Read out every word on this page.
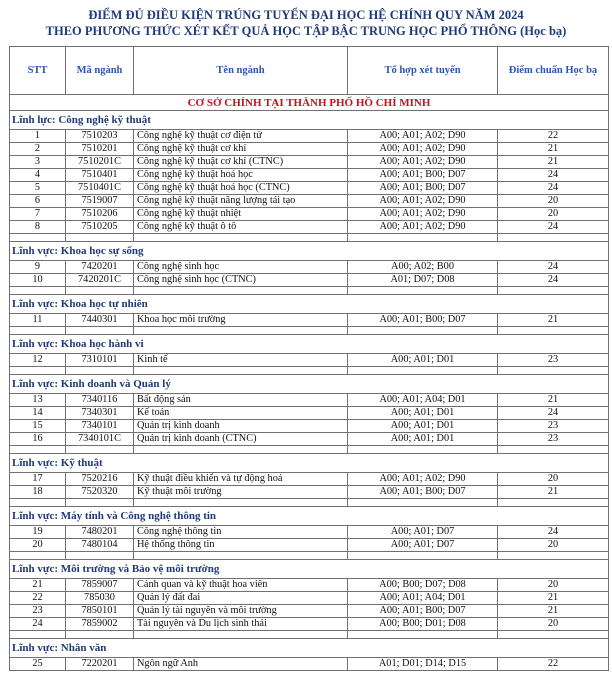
ĐIỂM ĐỦ ĐIỀU KIỆN TRÚNG TUYỂN ĐẠI HỌC HỆ CHÍNH QUY NĂM 2024
THEO PHƯƠNG THỨC XÉT KẾT QUẢ HỌC TẬP BẬC TRUNG HỌC PHỔ THÔNG (Học bạ)
STT	Mã ngành	Tên ngành	Tổ hợp xét tuyển	Điểm chuẩn Học bạ
CƠ SỞ CHÍNH TẠI THÀNH PHỐ HỒ CHÍ MINH				
Lĩnh lực: Công nghệ kỹ thuật				
1	7510203	Công nghệ kỹ thuật cơ điện tử	A00; A01; A02; D90	22
2	7510201	Công nghệ kỹ thuật cơ khí	A00; A01; A02; D90	21
3	7510201C	Công nghệ kỹ thuật cơ khí (CTNC)	A00; A01; A02; D90	21
4	7510401	Công nghệ kỹ thuật hoá học	A00; A01; B00; D07	24
5	7510401C	Công nghệ kỹ thuật hoá học (CTNC)	A00; A01; B00; D07	24
6	7519007	Công nghệ kỹ thuật năng lượng tái tạo	A00; A01; A02; D90	20
7	7510206	Công nghệ kỹ thuật nhiệt	A00; A01; A02; D90	20
8	7510205	Công nghệ kỹ thuật ô tô	A00; A01; A02; D90	24

Lĩnh vực: Khoa học sự sống				
9	7420201	Công nghệ sinh học	A00; A02; B00	24
10	7420201C	Công nghệ sinh học (CTNC)	A01; D07; D08	24

Lĩnh vực: Khoa học tự nhiên				
11	7440301	Khoa học môi trường	A00; A01; B00; D07	21

Lĩnh vực: Khoa học hành vi				
12	7310101	Kinh tế	A00; A01; D01	23

Lĩnh vực: Kinh doanh và Quản lý				
13	7340116	Bất động sản	A00; A01; A04; D01	21
14	7340301	Kế toán	A00; A01; D01	24
15	7340101	Quản trị kinh doanh	A00; A01; D01	23
16	7340101C	Quản trị kinh doanh (CTNC)	A00; A01; D01	23

Lĩnh vực: Kỹ thuật				
17	7520216	Kỹ thuật điều khiển và tự động hoá	A00; A01; A02; D90	20
18	7520320	Kỹ thuật môi trường	A00; A01; B00; D07	21

Lĩnh vực: Máy tính và Công nghệ thông tin				
19	7480201	Công nghệ thông tin	A00; A01; D07	24
20	7480104	Hệ thống thông tin	A00; A01; D07	20

Lĩnh vực: Môi trường và Bảo vệ môi trường				
21	7859007	Cảnh quan và kỹ thuật hoa viên	A00; B00; D07; D08	20
22	785030	Quản lý đất đai	A00; A01; A04; D01	21
23	7850101	Quản lý tài nguyên và môi trường	A00; A01; B00; D07	21
24	7859002	Tài nguyên và Du lịch sinh thái	A00; B00; D01; D08	20

Lĩnh vực: Nhân văn				
25	7220201	Ngôn ngữ Anh	A01; D01; D14; D15	22
